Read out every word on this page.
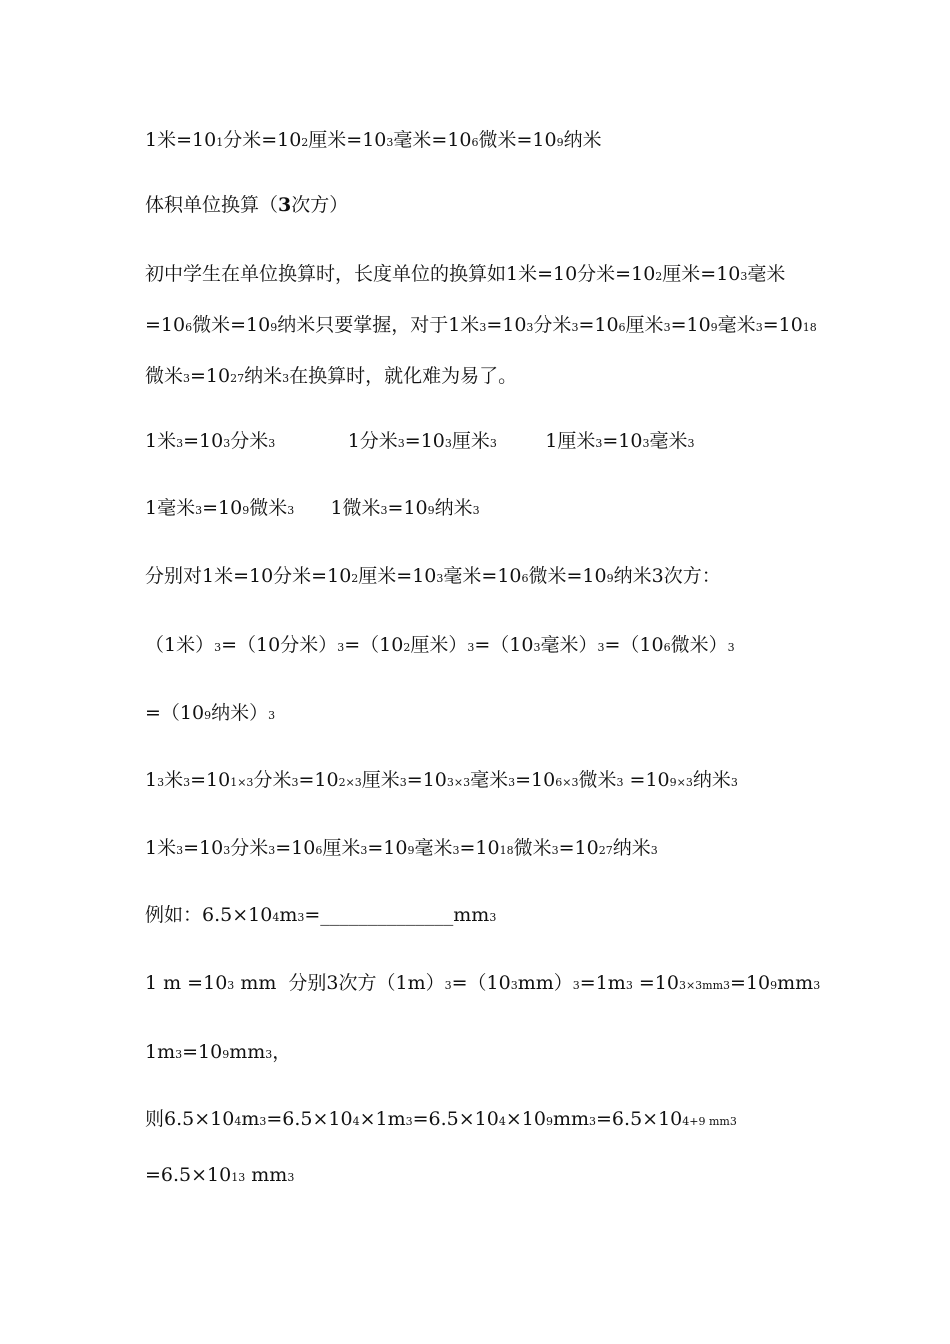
1米=101分米=102厘米=103毫米=106微米=109纳米
体积单位换算（3次方）
初中学生在单位换算时，长度单位的换算如1米=10分米=102厘米=103毫米
=106微米=109纳米只要掌握，对于1米3=103分米3=106厘米3=109毫米3=1018
微米3=1027纳米3在换算时，就化难为易了。
1米3=103分米3            1分米3=103厘米3        1厘米3=103毫米3
1毫米3=109微米3      1微米3=109纳米3
分别对1米=10分米=102厘米=103毫米=106微米=109纳米3次方：
（1米）3=（10分米）3=（102厘米）3=（103毫米）3=（106微米）3
=（109纳米）3
13米3=101×3分米3=102×3厘米3=103×3毫米3=106×3微米3 =109×3纳米3
1米3=103分米3=106厘米3=109毫米3=1018微米3=1027纳米3
例如：6.5×104m3=______________mm3
1 m =103 mm  分别3次方（1m）3=（103mm）3=1m3 =103×3mm3=109mm3
1m3=109mm3，
则6.5×104m3=6.5×104×1m3=6.5×104×109mm3=6.5×104+9 mm3
=6.5×1013 mm3
